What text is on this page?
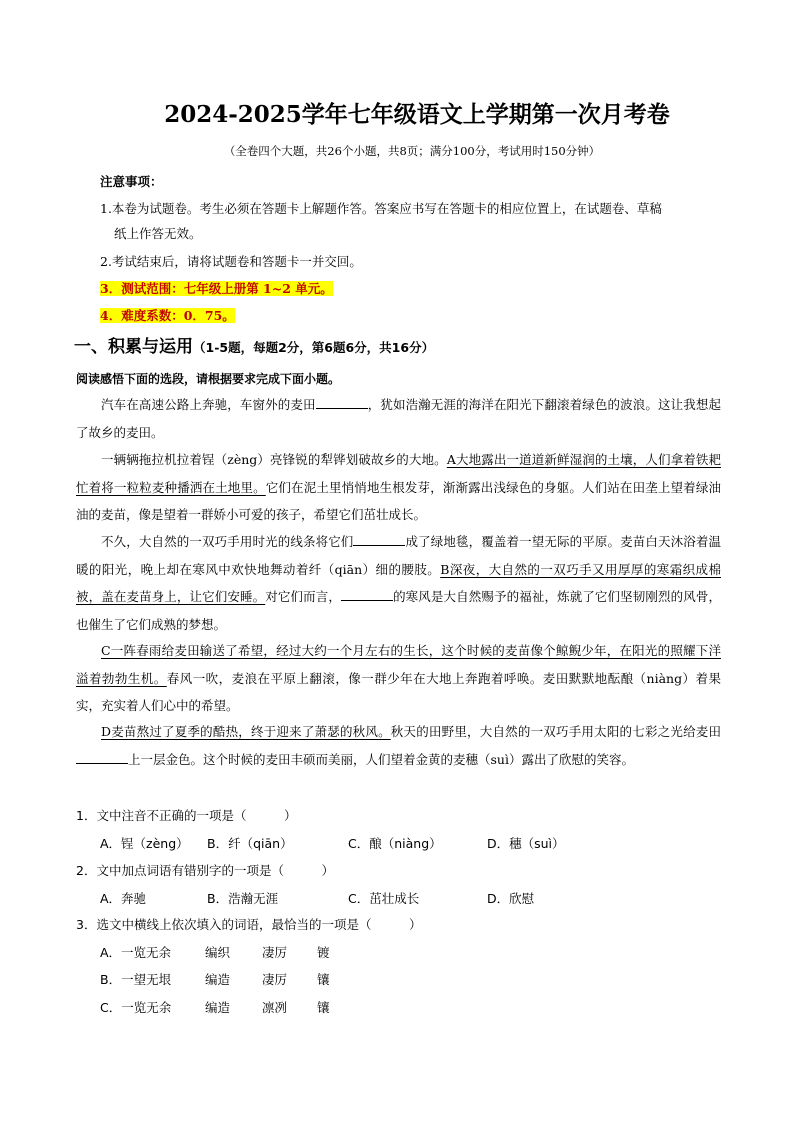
2024-2025学年七年级语文上学期第一次月考卷
（全卷四个大题，共26个小题，共8页；满分100分，考试用时150分钟）
注意事项：
1.本卷为试题卷。考生必须在答题卡上解题作答。答案应书写在答题卡的相应位置上，在试题卷、草稿
纸上作答无效。
2.考试结束后，请将试题卷和答题卡一并交回。
3．测试范围：七年级上册第 1~2 单元。
4．难度系数：0．75。
一、积累与运用（1-5题，每题2分，第6题6分，共16分）
阅读感悟下面的选段，请根据要求完成下面小题。
汽车在高速公路上奔驰，车窗外的麦田	，犹如浩瀚无涯的海洋在阳光下翻滚着绿色的波浪。这让我想起了故乡的麦田。
一辆辆拖拉机拉着锃（zèng）亮锋锐的犁铧划破故乡的大地。A大地露出一道道新鲜湿润的土壤，人们拿着铁耙忙着将一粒粒麦种播洒在土地里。它们在泥土里悄悄地生根发芽，渐渐露出浅绿色的身躯。人们站在田垄上望着绿油油的麦苗，像是望着一群娇小可爱的孩子，希望它们茁壮成长。
不久，大自然的一双巧手用时光的线条将它们	成了绿地毯，覆盖着一望无际的平原。麦苗白天沐浴着温暖的阳光，晚上却在寒风中欢快地舞动着纤（qiān）细的腰肢。B深夜，大自然的一双巧手又用厚厚的寒霜织成棉被，盖在麦苗身上，让它们安睡。对它们而言，	的寒风是大自然赐予的福祉，炼就了它们坚韧刚烈的风骨，也催生了它们成熟的梦想。
C一阵春雨给麦田输送了希望，经过大约一个月左右的生长，这个时候的麦苗像个鲸鲵少年，在阳光的照耀下洋溢着勃勃生机。春风一吹，麦浪在平原上翻滚，像一群少年在大地上奔跑着呼唤。麦田默默地酝酿（niàng）着果实，充实着人们心中的希望。
D麦苗熬过了夏季的酷热，终于迎来了萧瑟的秋风。秋天的田野里，大自然的一双巧手用太阳的七彩之光给麦田上一层金色。这个时候的麦田丰硕而美丽，人们望着金黄的麦穗（suì）露出了欣慰的笑容。
1．文中注音不正确的一项是（　　　）
A．锃（zèng） B．纤（qiān）	C．酿（niàng）	D．穗（suì）
2．文中加点词语有错别字的一项是（　　　）
A．奔驰	B．浩瀚无涯	C．茁壮成长	D．欣慰
3．选文中横线上依次填入的词语，最恰当的一项是（　　　）
A．一览无余	编织	凄厉 镀
B．一望无垠	编造	凄厉 镶
C．一览无余	编造	凛冽 镶
